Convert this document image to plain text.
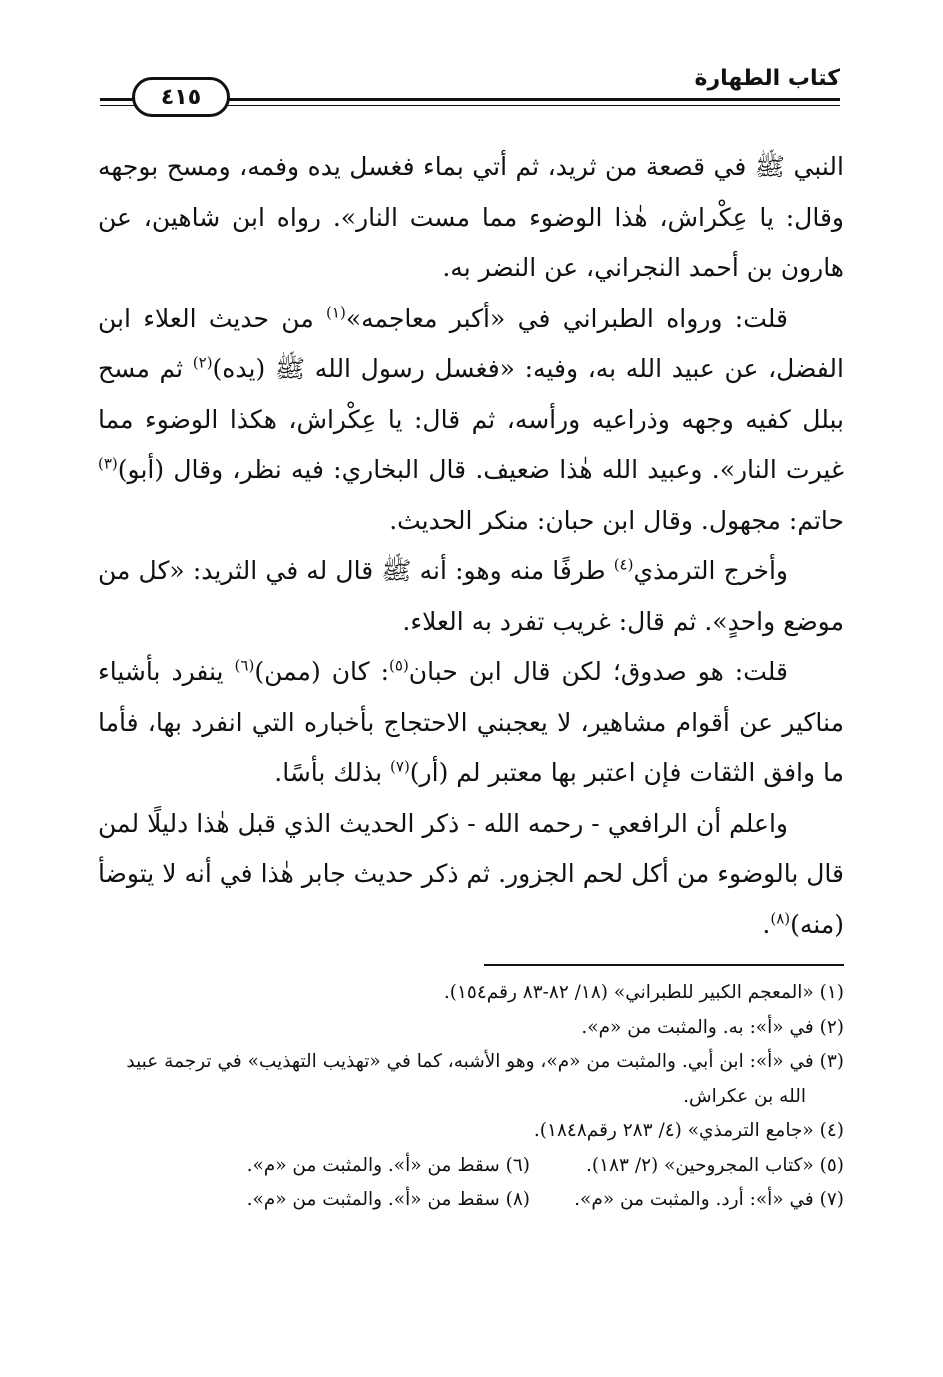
كتاب الطهارة
٤١٥

النبي ﷺ في قصعة من ثريد، ثم أتي بماء فغسل يده وفمه، ومسح بوجهه وقال: يا عِكْراش، هٰذا الوضوء مما مست النار». رواه ابن شاهين، عن هارون بن أحمد النجراني، عن النضر به.

قلت: ورواه الطبراني في «أكبر معاجمه»$^{(١)}$ من حديث العلاء ابن الفضل، عن عبيد الله به، وفيه: «فغسل رسول الله ﷺ (يده)$^{(٢)}$ ثم مسح ببلل كفيه وجهه وذراعيه ورأسه، ثم قال: يا عِكْراش، هكذا الوضوء مما غيرت النار». وعبيد الله هٰذا ضعيف. قال البخاري: فيه نظر، وقال (أبو)$^{(٣)}$ حاتم: مجهول. وقال ابن حبان: منكر الحديث.

وأخرج الترمذي$^{(٤)}$ طرفًا منه وهو: أنه ﷺ قال له في الثريد: «كل من موضع واحدٍ». ثم قال: غريب تفرد به العلاء.

قلت: هو صدوق؛ لكن قال ابن حبان$^{(٥)}$: كان (ممن)$^{(٦)}$ ينفرد بأشياء مناكير عن أقوام مشاهير، لا يعجبني الاحتجاج بأخباره التي انفرد بها، فأما ما وافق الثقات فإن اعتبر بها معتبر لم (أر)$^{(٧)}$ بذلك بأسًا.

واعلم أن الرافعي - رحمه الله - ذكر الحديث الذي قبل هٰذا دليلًا لمن قال بالوضوء من أكل لحم الجزور. ثم ذكر حديث جابر هٰذا في أنه لا يتوضأ (منه)$^{(٨)}$.

(١) «المعجم الكبير للطبراني» (١٨/ ٨٢-٨٣ رقم١٥٤).

(٢) في «أ»: به. والمثبت من «م».

(٣) في «أ»: ابن أبي. والمثبت من «م»، وهو الأشبه، كما في «تهذيب التهذيب» في ترجمة عبيد الله بن عكراش.

(٤) «جامع الترمذي» (٤/ ٢٨٣ رقم١٨٤٨).

(٥) «كتاب المجروحين» (٢/ ١٨٣).

(٦) سقط من «أ». والمثبت من «م».

(٧) في «أ»: أرد. والمثبت من «م».

(٨) سقط من «أ». والمثبت من «م».
